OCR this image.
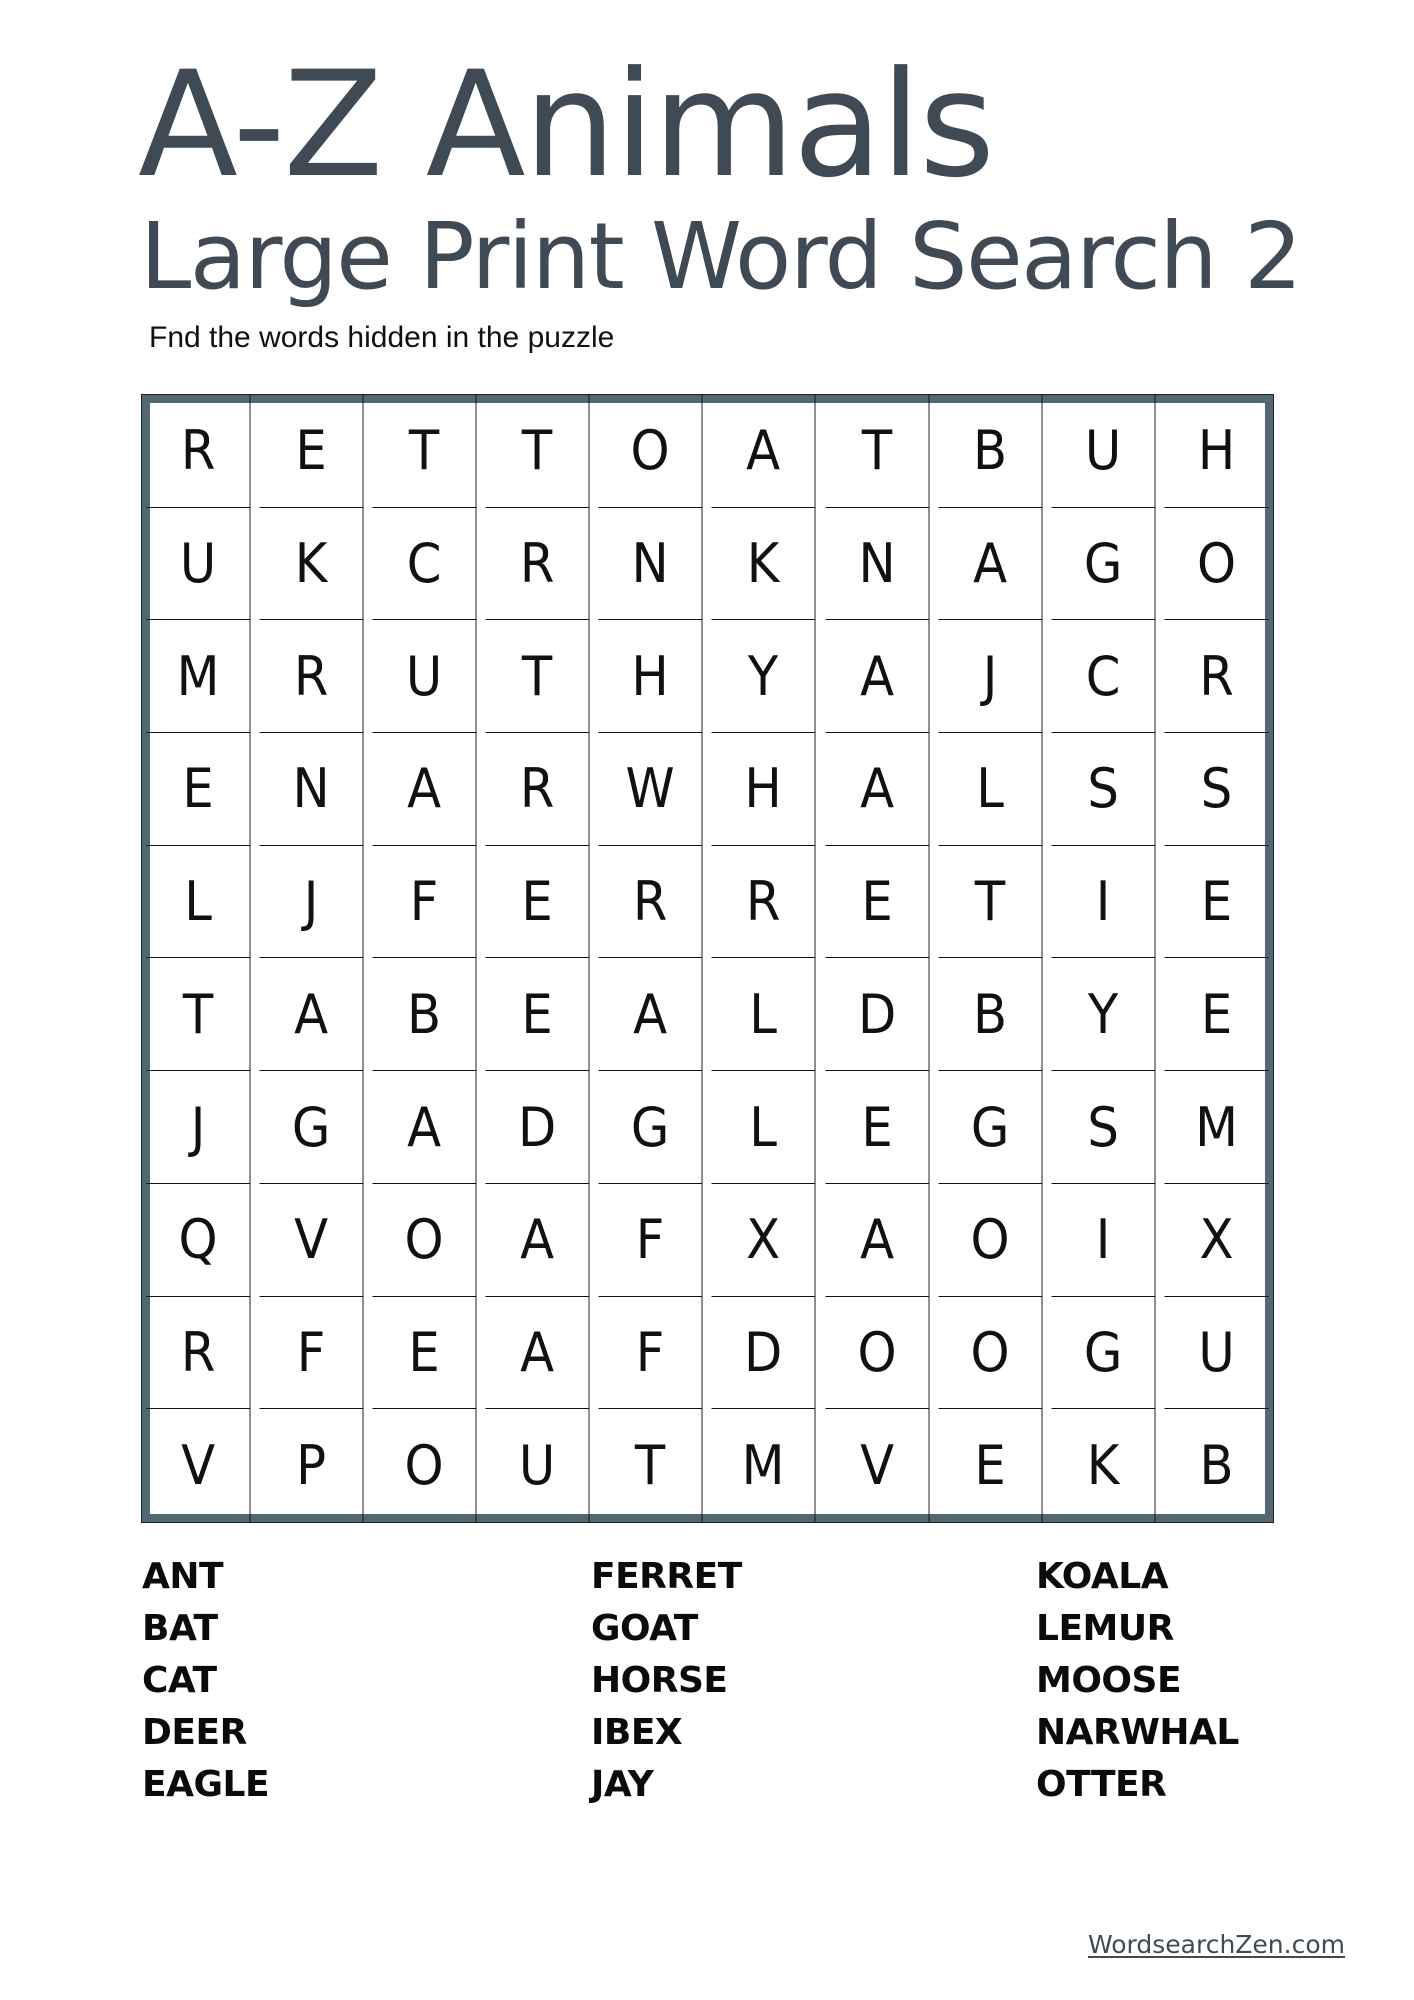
A-Z Animals
Large Print Word Search 2

Fnd the words hidden in the puzzle

R	E	T	T	O	A	T	B	U	H
U	K	C	R	N	K	N	A	G	O
M	R	U	T	H	Y	A	J	C	R
E	N	A	R	W	H	A	L	S	S
L	J	F	E	R	R	E	T	I	E
T	A	B	E	A	L	D	B	Y	E
J	G	A	D	G	L	E	G	S	M
Q	V	O	A	F	X	A	O	I	X
R	F	E	A	F	D	O	O	G	U
V	P	O	U	T	M	V	E	K	B
ANT
BAT
CAT
DEER
EAGLE
FERRET
GOAT
HORSE
IBEX
JAY
KOALA
LEMUR
MOOSE
NARWHAL
OTTER
WordsearchZen.com
